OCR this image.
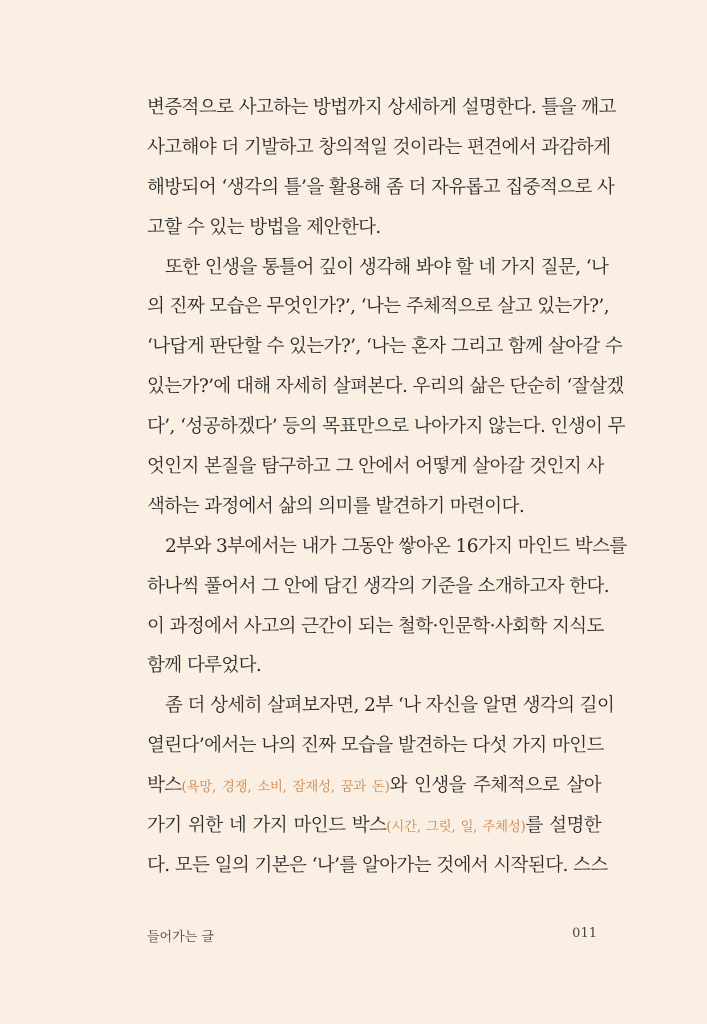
변증적으로 사고하는 방법까지 상세하게 설명한다. 틀을 깨고
사고해야 더 기발하고 창의적일 것이라는 편견에서 과감하게
해방되어 ‘생각의 틀’을 활용해 좀 더 자유롭고 집중적으로 사
고할 수 있는 방법을 제안한다.
또한 인생을 통틀어 깊이 생각해 봐야 할 네 가지 질문, ‘나
의 진짜 모습은 무엇인가?’, ‘나는 주체적으로 살고 있는가?’,
‘나답게 판단할 수 있는가?’, ‘나는 혼자 그리고 함께 살아갈 수
있는가?’에 대해 자세히 살펴본다. 우리의 삶은 단순히 ‘잘살겠
다’, ‘성공하겠다’ 등의 목표만으로 나아가지 않는다. 인생이 무
엇인지 본질을 탐구하고 그 안에서 어떻게 살아갈 것인지 사
색하는 과정에서 삶의 의미를 발견하기 마련이다.
2부와 3부에서는 내가 그동안 쌓아온 16가지 마인드 박스를
하나씩 풀어서 그 안에 담긴 생각의 기준을 소개하고자 한다.
이 과정에서 사고의 근간이 되는 철학·인문학·사회학 지식도
함께 다루었다.
좀 더 상세히 살펴보자면, 2부 ‘나 자신을 알면 생각의 길이
열린다’에서는 나의 진짜 모습을 발견하는 다섯 가지 마인드
박스(욕망, 경쟁, 소비, 잠재성, 꿈과 돈)와 인생을 주체적으로 살아
가기 위한 네 가지 마인드 박스(시간, 그릿, 일, 주체성)를 설명한
다. 모든 일의 기본은 ‘나’를 알아가는 것에서 시작된다. 스스
들어가는 글	011
